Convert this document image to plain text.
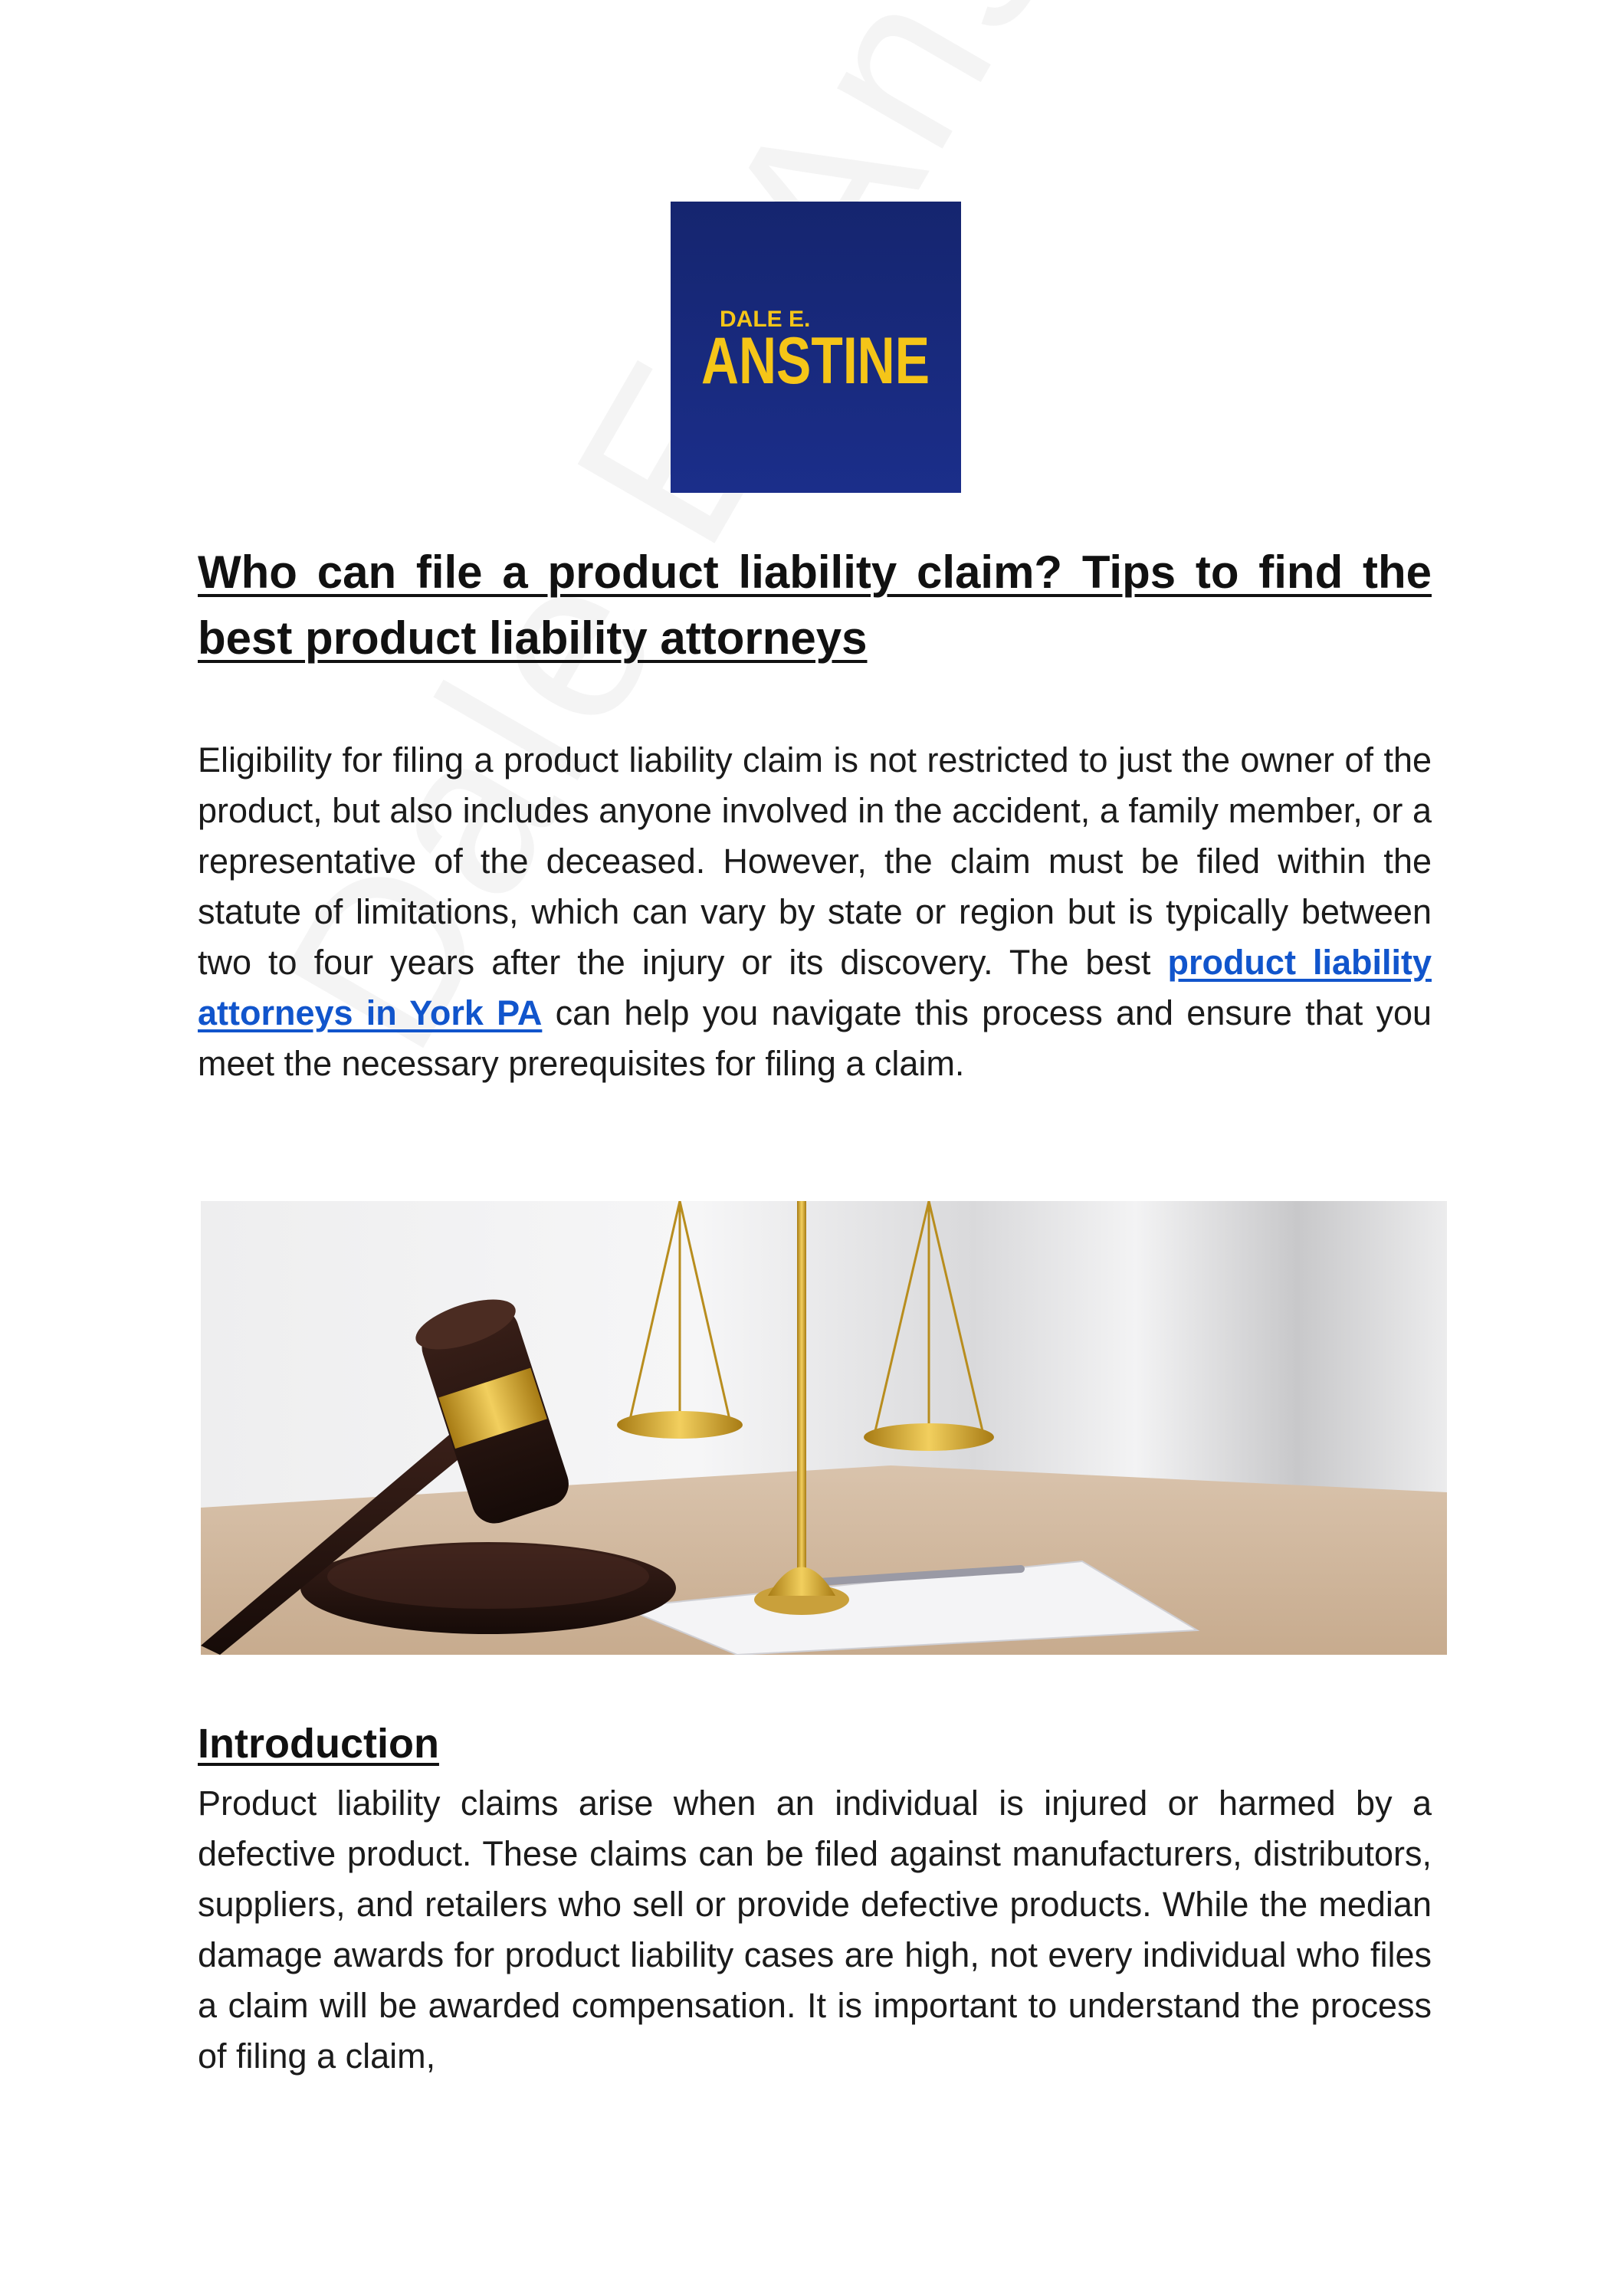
DALE E.
ANSTINE
Who can file a product liability claim? Tips to find the best product liability attorneys
Eligibility for filing a product liability claim is not restricted to just the owner of the product, but also includes anyone involved in the accident, a family member, or a representative of the deceased. However, the claim must be filed within the statute of limitations, which can vary by state or region but is typically between two to four years after the injury or its discovery. The best product liability attorneys in York PA can help you navigate this process and ensure that you meet the necessary prerequisites for filing a claim.
Introduction
Product liability claims arise when an individual is injured or harmed by a defective product. These claims can be filed against manufacturers, distributors, suppliers, and retailers who sell or provide defective products. While the median damage awards for product liability cases are high, not every individual who files a claim will be awarded compensation. It is important to understand the process of filing a claim,
